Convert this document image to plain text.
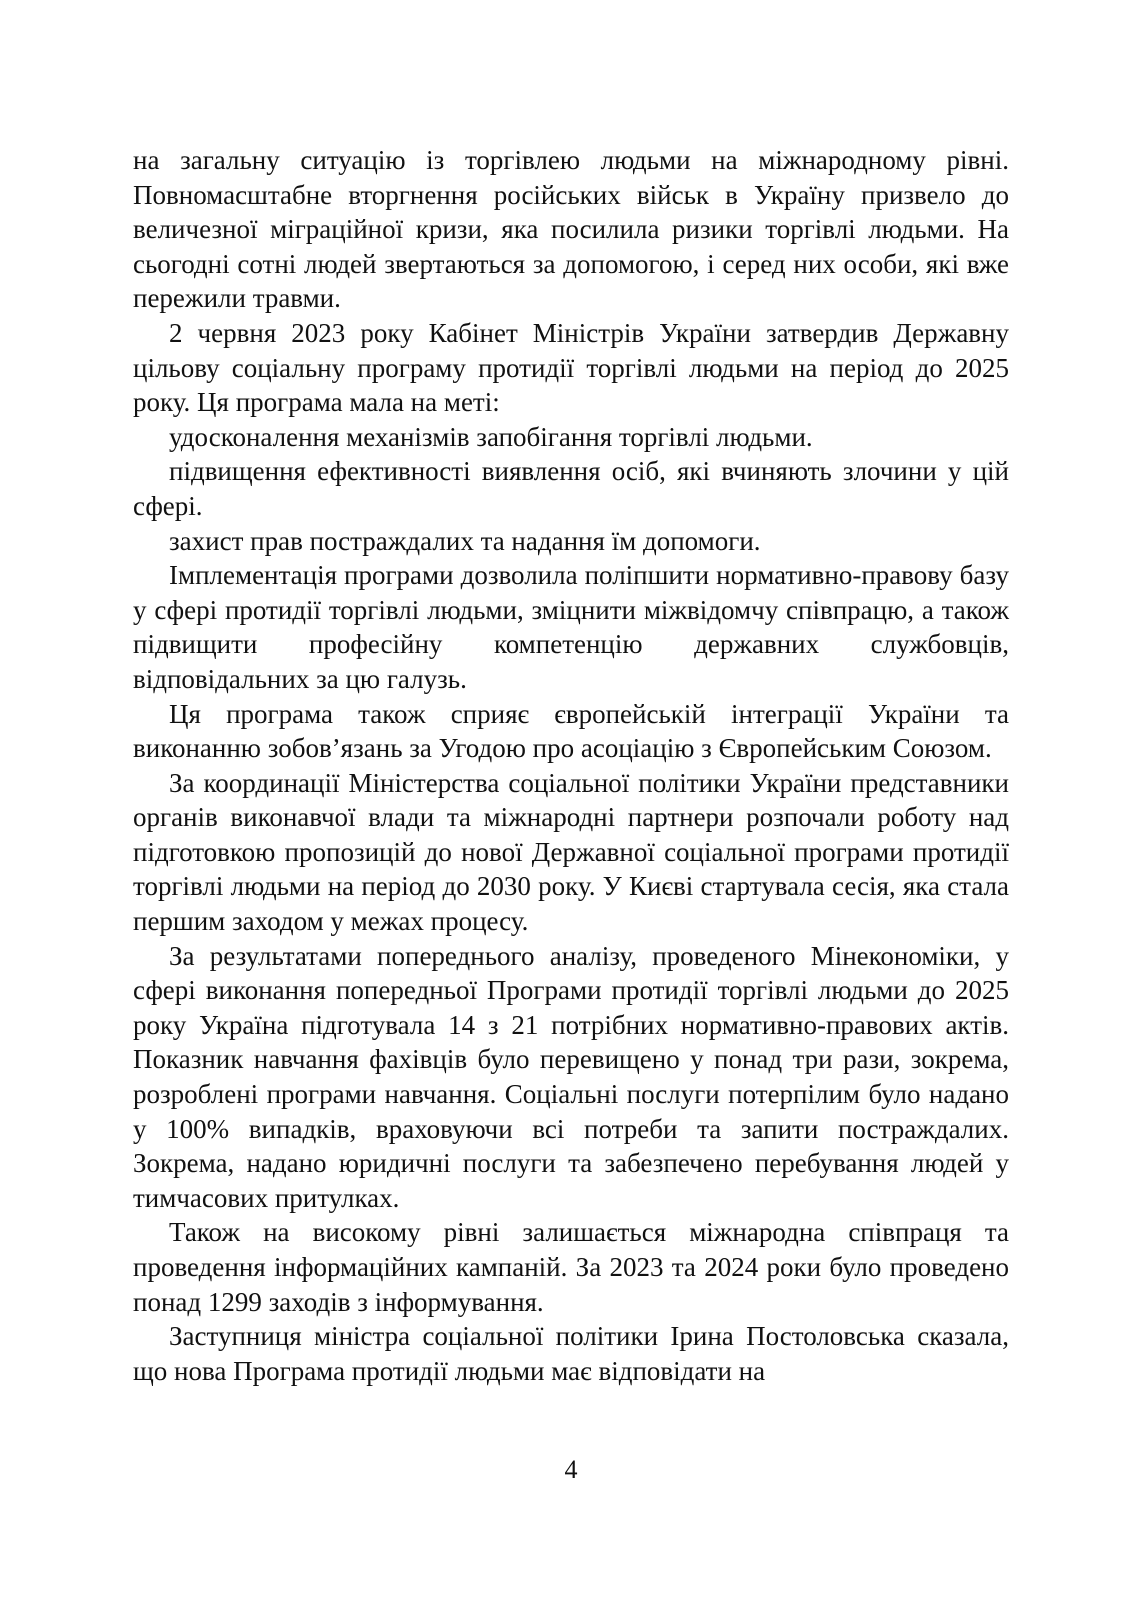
на загальну ситуацію із торгівлею людьми на міжнародному рівні. Повномасштабне вторгнення російських військ в Україну призвело до величезної міграційної кризи, яка посилила ризики торгівлі людьми. На сьогодні сотні людей звертаються за допомогою, і серед них особи, які вже пережили травми.

2 червня 2023 року Кабінет Міністрів України затвердив Державну цільову соціальну програму протидії торгівлі людьми на період до 2025 року. Ця програма мала на меті:

удосконалення механізмів запобігання торгівлі людьми.

підвищення ефективності виявлення осіб, які вчиняють злочини у цій сфері.

захист прав постраждалих та надання їм допомоги.

Імплементація програми дозволила поліпшити нормативно-правову базу у сфері протидії торгівлі людьми, зміцнити міжвідомчу співпрацю, а також підвищити професійну компетенцію державних службовців, відповідальних за цю галузь.

Ця програма також сприяє європейській інтеграції України та виконанню зобов’язань за Угодою про асоціацію з Європейським Союзом.

За координації Міністерства соціальної політики України представники органів виконавчої влади та міжнародні партнери розпочали роботу над підготовкою пропозицій до нової Державної соціальної програми протидії торгівлі людьми на період до 2030 року. У Києві стартувала сесія, яка стала першим заходом у межах процесу.

За результатами попереднього аналізу, проведеного Мінекономіки, у сфері виконання попередньої Програми протидії торгівлі людьми до 2025 року Україна підготувала 14 з 21 потрібних нормативно-правових актів. Показник навчання фахівців було перевищено у понад три рази, зокрема, розроблені програми навчання. Соціальні послуги потерпілим було надано у 100% випадків, враховуючи всі потреби та запити постраждалих. Зокрема, надано юридичні послуги та забезпечено перебування людей у тимчасових притулках.

Також на високому рівні залишається міжнародна співпраця та проведення інформаційних кампаній. За 2023 та 2024 роки було проведено понад 1299 заходів з інформування.

Заступниця міністра соціальної політики Ірина Постоловська сказала, що нова Програма протидії людьми має відповідати на

4
